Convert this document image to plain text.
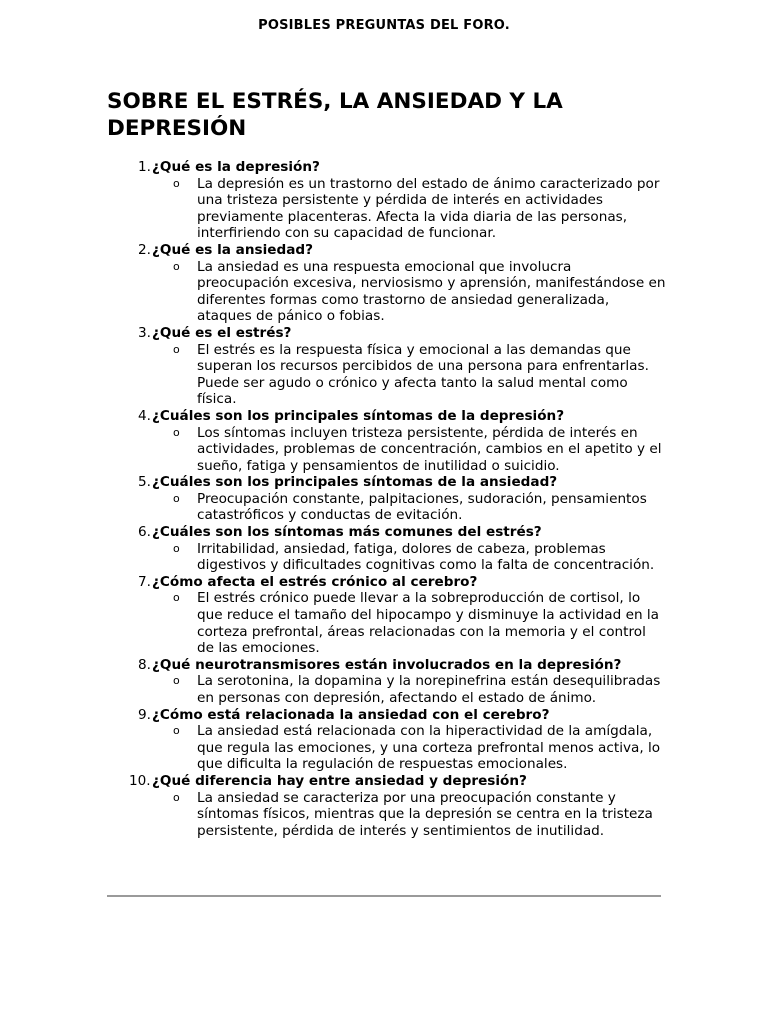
POSIBLES PREGUNTAS DEL FORO.
SOBRE EL ESTRÉS, LA ANSIEDAD Y LA DEPRESIÓN
1. ¿Qué es la depresión?
o La depresión es un trastorno del estado de ánimo caracterizado por una tristeza persistente y pérdida de interés en actividades previamente placenteras. Afecta la vida diaria de las personas, interfiriendo con su capacidad de funcionar.
2. ¿Qué es la ansiedad?
o La ansiedad es una respuesta emocional que involucra preocupación excesiva, nerviosismo y aprensión, manifestándose en diferentes formas como trastorno de ansiedad generalizada, ataques de pánico o fobias.
3. ¿Qué es el estrés?
o El estrés es la respuesta física y emocional a las demandas que superan los recursos percibidos de una persona para enfrentarlas. Puede ser agudo o crónico y afecta tanto la salud mental como física.
4. ¿Cuáles son los principales síntomas de la depresión?
o Los síntomas incluyen tristeza persistente, pérdida de interés en actividades, problemas de concentración, cambios en el apetito y el sueño, fatiga y pensamientos de inutilidad o suicidio.
5. ¿Cuáles son los principales síntomas de la ansiedad?
o Preocupación constante, palpitaciones, sudoración, pensamientos catastróficos y conductas de evitación.
6. ¿Cuáles son los síntomas más comunes del estrés?
o Irritabilidad, ansiedad, fatiga, dolores de cabeza, problemas digestivos y dificultades cognitivas como la falta de concentración.
7. ¿Cómo afecta el estrés crónico al cerebro?
o El estrés crónico puede llevar a la sobreproducción de cortisol, lo que reduce el tamaño del hipocampo y disminuye la actividad en la corteza prefrontal, áreas relacionadas con la memoria y el control de las emociones.
8. ¿Qué neurotransmisores están involucrados en la depresión?
o La serotonina, la dopamina y la norepinefrina están desequilibradas en personas con depresión, afectando el estado de ánimo.
9. ¿Cómo está relacionada la ansiedad con el cerebro?
o La ansiedad está relacionada con la hiperactividad de la amígdala, que regula las emociones, y una corteza prefrontal menos activa, lo que dificulta la regulación de respuestas emocionales.
10. ¿Qué diferencia hay entre ansiedad y depresión?
o La ansiedad se caracteriza por una preocupación constante y síntomas físicos, mientras que la depresión se centra en la tristeza persistente, pérdida de interés y sentimientos de inutilidad.
